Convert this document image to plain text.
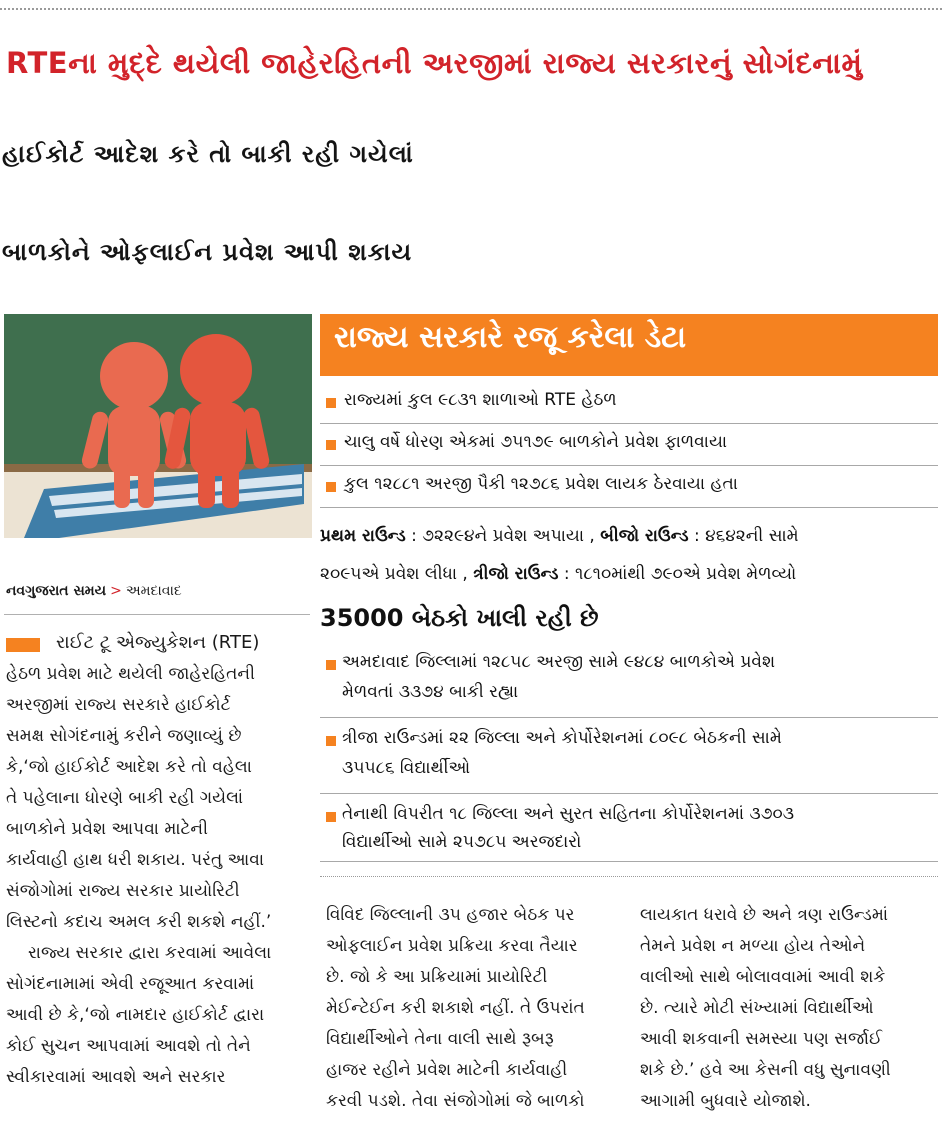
RTEના મુદ્દે થયેલી જાહેરહિતની અરજીમાં રાજ્ય સરકારનું સોગંદનામું
હાઈકોર્ટ આદેશ કરે તો બાકી રહી ગયેલાં
બાળકોને ઓફલાઈન પ્રવેશ આપી શકાય
રાજ્ય સરકારે રજૂ કરેલા ડેટા
રાજ્યમાં કુલ ૯૮૩૧ શાળાઓ RTE હેઠળ
ચાલુ વર્ષે ધોરણ એકમાં ૭૫૧૭૯ બાળકોને પ્રવેશ ફાળવાયા
કુલ ૧૨૮૮૧ અરજી પૈકી ૧૨૭૮૬ પ્રવેશ લાયક ઠેરવાયા હતા
પ્રથમ રાઉન્ડ : ૭૨૨૯૪ને પ્રવેશ અપાયા , બીજો રાઉન્ડ : ૪૬૪૨ની સામે
૨૦૯૫એ પ્રવેશ લીધા , ત્રીજો રાઉન્ડ : ૧૮૧૦માંથી ૭૯૦એ પ્રવેશ મેળવ્યો
35000 બેઠકો ખાલી રહી છે
અમદાવાદ જિલ્લામાં ૧૨૮૫૮ અરજી સામે ૯૪૮૪ બાળકોએ પ્રવેશ
મેળવતાં ૩૩૭૪ બાકી રહ્યા
ત્રીજા રાઉન્ડમાં ૨૨ જિલ્લા અને કોર્પોરેશનમાં ૮૦૯૮ બેઠકની સામે
૩૫૫૮૬ વિદ્યાર્થીઓ
તેનાથી વિપરીત ૧૮ જિલ્લા અને સુરત સહિતના કોર્પોરેશનમાં ૩૭૦૩
વિદ્યાર્થીઓ સામે ૨૫૭૮૫ અરજદારો
નવગુજરાત સમય > અમદાવાદ
રાઈટ ટૂ એજ્યુકેશન (RTE)
હેઠળ પ્રવેશ માટે થયેલી જાહેરહિતની
અરજીમાં રાજ્ય સરકારે હાઈકોર્ટ
સમક્ષ સોગંદનામું કરીને જણાવ્યું છે
કે,‘જો હાઈકોર્ટ આદેશ કરે તો વહેલા
તે પહેલાના ધોરણે બાકી રહી ગયેલાં
બાળકોને પ્રવેશ આપવા માટેની
કાર્યવાહી હાથ ધરી શકાય. પરંતુ આવા
સંજોગોમાં રાજ્ય સરકાર પ્રાયોરિટી
લિસ્ટનો કદાચ અમલ કરી શકશે નહીં.’
રાજ્ય સરકાર દ્વારા કરવામાં આવેલા
સોગંદનામામાં એવી રજૂઆત કરવામાં
આવી છે કે,‘જો નામદાર હાઈકોર્ટ દ્વારા
કોઈ સુચન આપવામાં આવશે તો તેને
સ્વીકારવામાં આવશે અને સરકાર
વિવિદ જિલ્લાની ૩૫ હજાર બેઠક પર
ઓફલાઈન પ્રવેશ પ્રક્રિયા કરવા તૈયાર
છે. જો કે આ પ્રક્રિયામાં પ્રાયોરિટી
મેઈન્ટેઈન કરી શકાશે નહીં. તે ઉપરાંત
વિદ્યાર્થીઓને તેના વાલી સાથે રૂબરૂ
હાજર રહીને પ્રવેશ માટેની કાર્યવાહી
કરવી પડશે. તેવા સંજોગોમાં જે બાળકો
લાયકાત ધરાવે છે અને ત્રણ રાઉન્ડમાં
તેમને પ્રવેશ ન મળ્યા હોય તેઓને
વાલીઓ સાથે બોલાવવામાં આવી શકે
છે. ત્યારે મોટી સંખ્યામાં વિદ્યાર્થીઓ
આવી શકવાની સમસ્યા પણ સર્જાઈ
શકે છે.’ હવે આ કેસની વધુ સુનાવણી
આગામી બુધવારે યોજાશે.
